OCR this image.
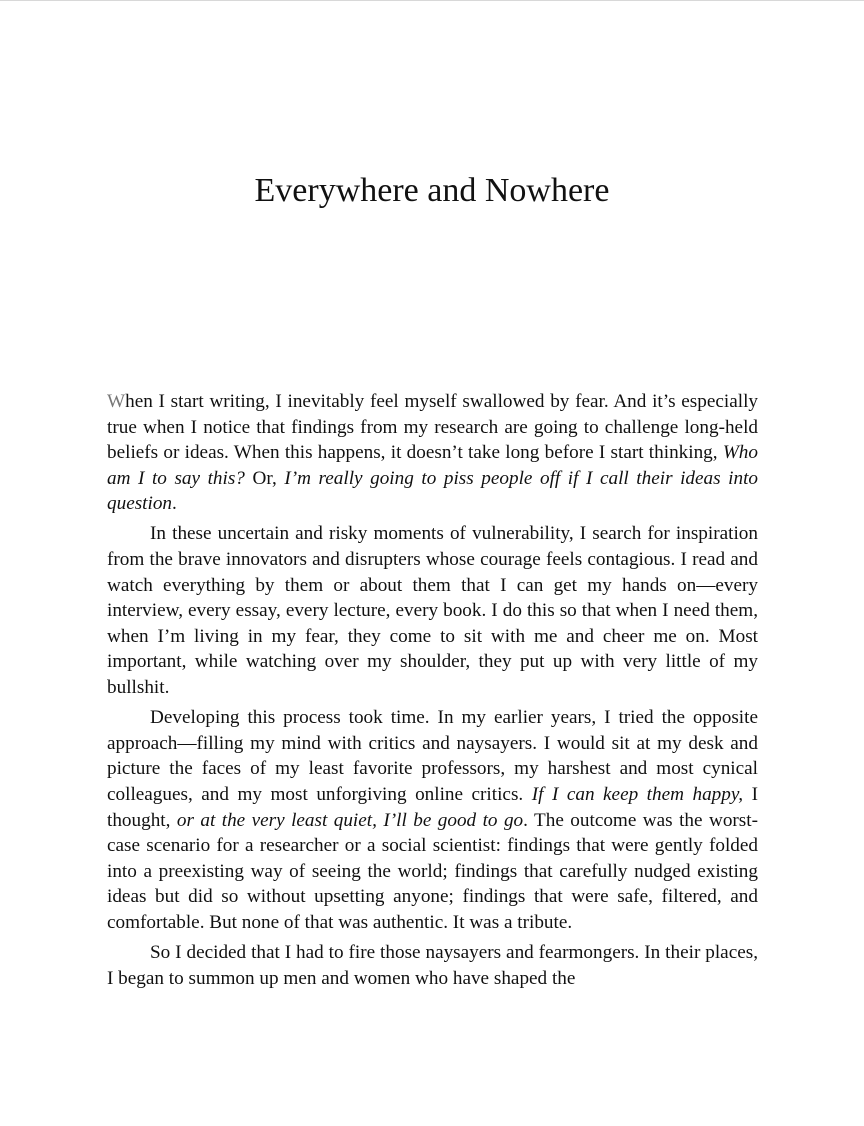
Everywhere and Nowhere

When I start writing, I inevitably feel myself swallowed by fear. And it’s especially true when I notice that findings from my research are going to challenge long-held beliefs or ideas. When this happens, it doesn’t take long before I start thinking, Who am I to say this? Or, I’m really going to piss people off if I call their ideas into question.

In these uncertain and risky moments of vulnerability, I search for inspiration from the brave innovators and disrupters whose courage feels contagious. I read and watch everything by them or about them that I can get my hands on—every interview, every essay, every lecture, every book. I do this so that when I need them, when I’m living in my fear, they come to sit with me and cheer me on. Most important, while watching over my shoulder, they put up with very little of my bullshit.

Developing this process took time. In my earlier years, I tried the opposite approach—filling my mind with critics and naysayers. I would sit at my desk and picture the faces of my least favorite professors, my harshest and most cynical colleagues, and my most unforgiving online critics. If I can keep them happy, I thought, or at the very least quiet, I’ll be good to go. The outcome was the worst-case scenario for a researcher or a social scientist: findings that were gently folded into a preexisting way of seeing the world; findings that carefully nudged existing ideas but did so without upsetting anyone; findings that were safe, filtered, and comfortable. But none of that was authentic. It was a tribute.

So I decided that I had to fire those naysayers and fearmongers. In their places, I began to summon up men and women who have shaped the
